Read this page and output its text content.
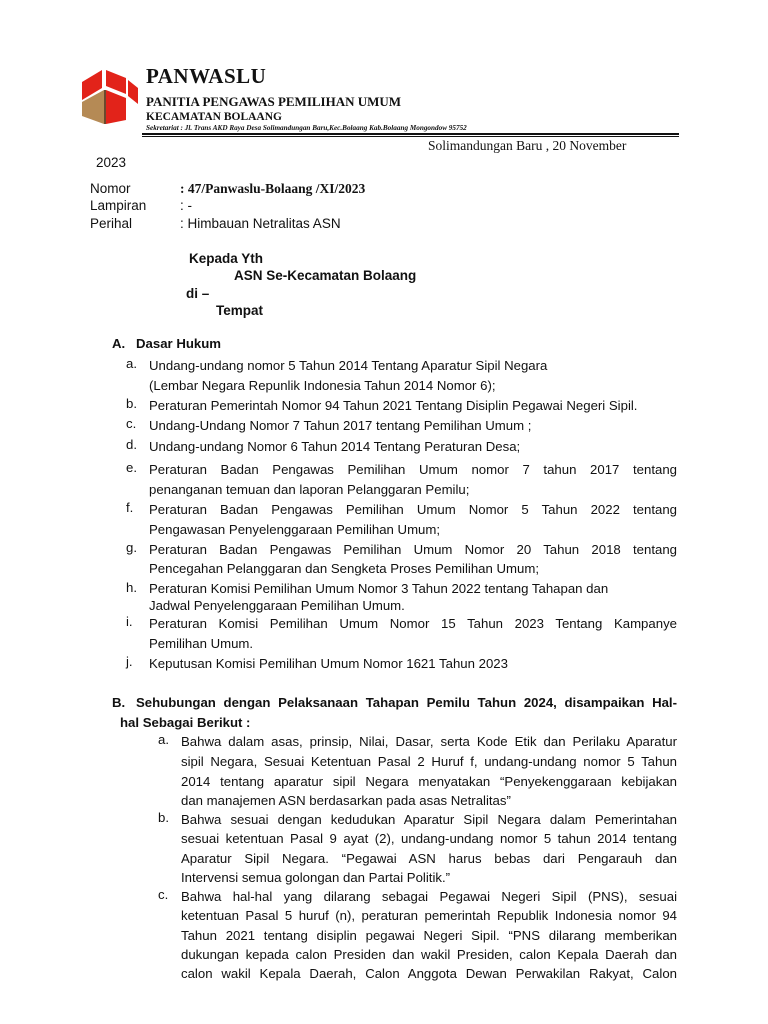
PANWASLU
PANITIA PENGAWAS PEMILIHAN UMUM
KECAMATAN BOLAANG
Sekretariat : Jl. Trans AKD Raya Desa Solimandungan Baru,Kec.Bolaang Kab.Bolaang Mongondow 95752
Solimandungan Baru , 20 November
2023
Nomor	: 47/Panwaslu-Bolaang /XI/2023
Lampiran : -
Perihal	: Himbauan Netralitas ASN
Kepada Yth
ASN Se-Kecamatan Bolaang
di –
Tempat
A. Dasar Hukum
a. Undang-undang nomor 5 Tahun 2014 Tentang Aparatur Sipil Negara
(Lembar Negara Repunlik Indonesia Tahun 2014 Nomor 6);
b. Peraturan Pemerintah Nomor 94 Tahun 2021 Tentang Disiplin Pegawai Negeri Sipil.
c. Undang-Undang Nomor 7 Tahun 2017 tentang Pemilihan Umum ;
d. Undang-undang Nomor 6 Tahun 2014 Tentang Peraturan Desa;
e. Peraturan Badan Pengawas Pemilihan Umum nomor 7 tahun 2017 tentang
penanganan temuan dan laporan Pelanggaran Pemilu;
f. Peraturan Badan Pengawas Pemilihan Umum Nomor 5 Tahun 2022 tentang
Pengawasan Penyelenggaraan Pemilihan Umum;
g. Peraturan Badan Pengawas Pemilihan Umum Nomor 20 Tahun 2018 tentang
Pencegahan Pelanggaran dan Sengketa Proses Pemilihan Umum;
h. Peraturan Komisi Pemilihan Umum Nomor 3 Tahun 2022 tentang Tahapan dan
Jadwal Penyelenggaraan Pemilihan Umum.
i. Peraturan Komisi Pemilihan Umum Nomor 15 Tahun 2023 Tentang Kampanye
Pemilihan Umum.
j. Keputusan Komisi Pemilihan Umum Nomor 1621 Tahun 2023
B. Sehubungan dengan Pelaksanaan Tahapan Pemilu Tahun 2024, disampaikan Hal-
hal Sebagai Berikut :
a. Bahwa dalam asas, prinsip, Nilai, Dasar, serta Kode Etik dan Perilaku Aparatur
sipil Negara, Sesuai Ketentuan Pasal 2 Huruf f, undang-undang nomor 5 Tahun
2014 tentang aparatur sipil Negara menyatakan “Penyekenggaraan kebijakan
dan manajemen ASN berdasarkan pada asas Netralitas”
b. Bahwa sesuai dengan kedudukan Aparatur Sipil Negara dalam Pemerintahan
sesuai ketentuan Pasal 9 ayat (2), undang-undang nomor 5 tahun 2014 tentang
Aparatur Sipil Negara. “Pegawai ASN harus bebas dari Pengarauh dan
Intervensi semua golongan dan Partai Politik.”
c. Bahwa hal-hal yang dilarang sebagai Pegawai Negeri Sipil (PNS), sesuai
ketentuan Pasal 5 huruf (n), peraturan pemerintah Republik Indonesia nomor 94
Tahun 2021 tentang disiplin pegawai Negeri Sipil. “PNS dilarang memberikan
dukungan kepada calon Presiden dan wakil Presiden, calon Kepala Daerah dan
calon wakil Kepala Daerah, Calon Anggota Dewan Perwakilan Rakyat, Calon
